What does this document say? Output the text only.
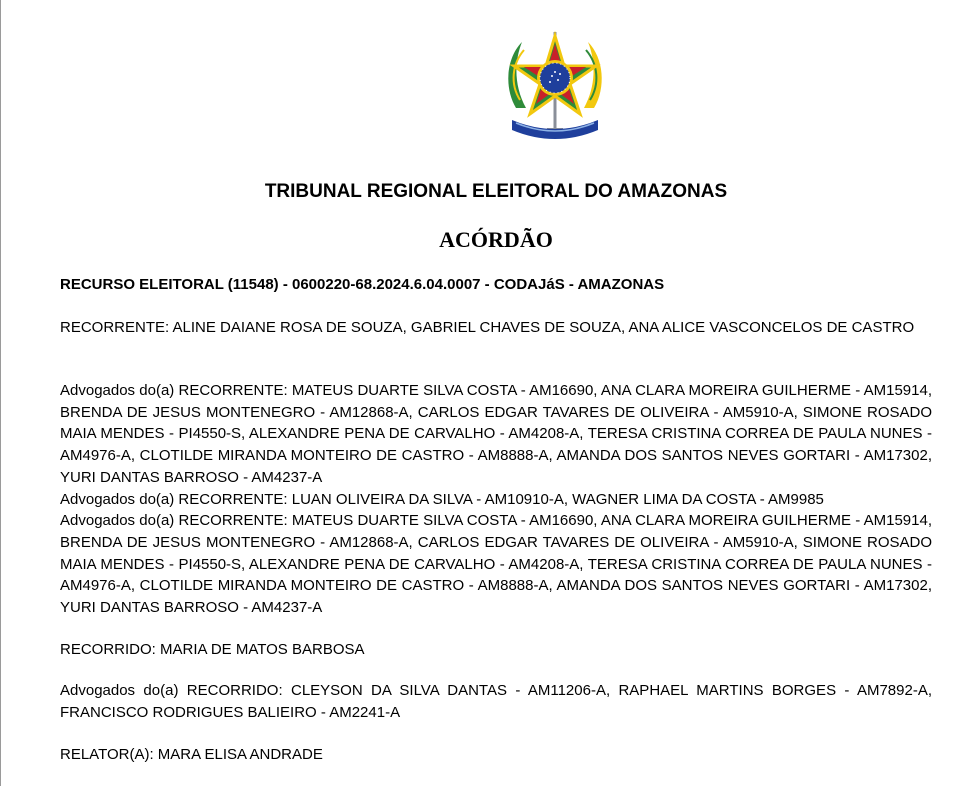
TRIBUNAL REGIONAL ELEITORAL DO AMAZONAS
ACÓRDÃO
RECURSO ELEITORAL (11548) - 0600220-68.2024.6.04.0007 - CODAJáS - AMAZONAS
RECORRENTE: ALINE DAIANE ROSA DE SOUZA, GABRIEL CHAVES DE SOUZA, ANA ALICE VASCONCELOS DE CASTRO
Advogados do(a) RECORRENTE: MATEUS DUARTE SILVA COSTA - AM16690, ANA CLARA MOREIRA GUILHERME - AM15914, BRENDA DE JESUS MONTENEGRO - AM12868-A, CARLOS EDGAR TAVARES DE OLIVEIRA - AM5910-A, SIMONE ROSADO MAIA MENDES - PI4550-S, ALEXANDRE PENA DE CARVALHO - AM4208-A, TERESA CRISTINA CORREA DE PAULA NUNES - AM4976-A, CLOTILDE MIRANDA MONTEIRO DE CASTRO - AM8888-A, AMANDA DOS SANTOS NEVES GORTARI - AM17302, YURI DANTAS BARROSO - AM4237-A
Advogados do(a) RECORRENTE: LUAN OLIVEIRA DA SILVA - AM10910-A, WAGNER LIMA DA COSTA - AM9985
Advogados do(a) RECORRENTE: MATEUS DUARTE SILVA COSTA - AM16690, ANA CLARA MOREIRA GUILHERME - AM15914, BRENDA DE JESUS MONTENEGRO - AM12868-A, CARLOS EDGAR TAVARES DE OLIVEIRA - AM5910-A, SIMONE ROSADO MAIA MENDES - PI4550-S, ALEXANDRE PENA DE CARVALHO - AM4208-A, TERESA CRISTINA CORREA DE PAULA NUNES - AM4976-A, CLOTILDE MIRANDA MONTEIRO DE CASTRO - AM8888-A, AMANDA DOS SANTOS NEVES GORTARI - AM17302, YURI DANTAS BARROSO - AM4237-A
RECORRIDO: MARIA DE MATOS BARBOSA
Advogados do(a) RECORRIDO: CLEYSON DA SILVA DANTAS - AM11206-A, RAPHAEL MARTINS BORGES - AM7892-A, FRANCISCO RODRIGUES BALIEIRO - AM2241-A
RELATOR(A): MARA ELISA ANDRADE
